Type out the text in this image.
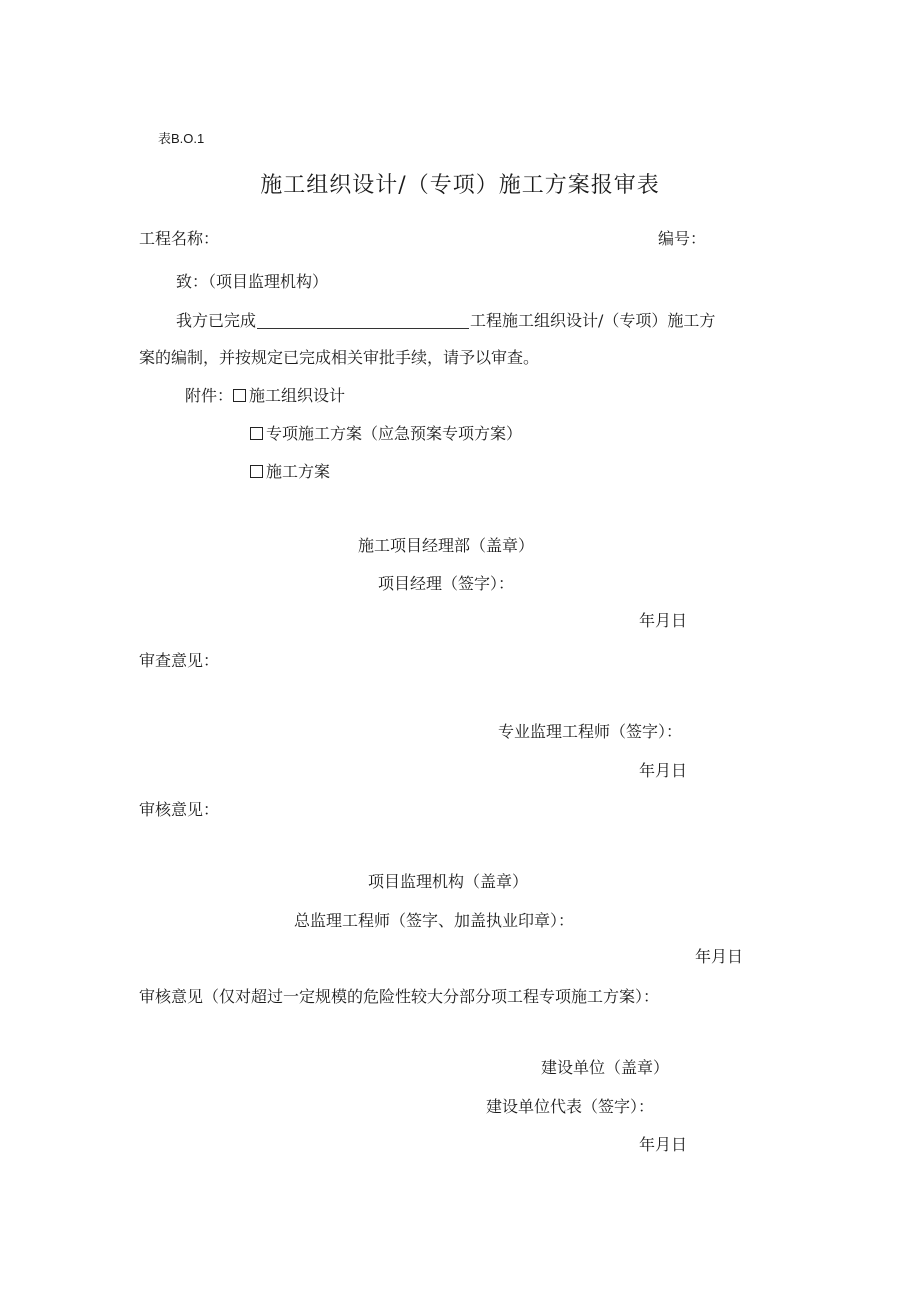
表B.O.1
施工组织设计/（专项）施工方案报审表
工程名称：	编号：
致：（项目监理机构）
我方已完成	工程施工组织设计/（专项）施工方
案的编制，并按规定已完成相关审批手续，请予以审查。
附件： 施工组织设计
专项施工方案（应急预案专项方案）
施工方案
施工项目经理部（盖章）
项目经理（签字）：
年月日
审查意见：
专业监理工程师（签字）：
年月日
审核意见：
项目监理机构（盖章）
总监理工程师（签字、加盖执业印章）：
年月日
审核意见（仅对超过一定规模的危险性较大分部分项工程专项施工方案）：
建设单位（盖章）
建设单位代表（签字）：
年月日
